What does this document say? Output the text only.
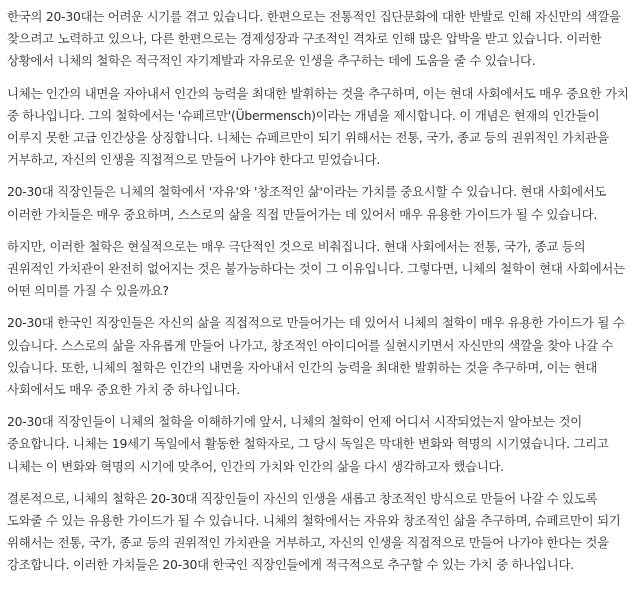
한국의 20-30대는 어려운 시기를 겪고 있습니다. 한편으로는 전통적인 집단문화에 대한 반발로 인해 자신만의 색깔을 찾으려고 노력하고 있으나, 다른 한편으로는 경제성장과 구조적인 격차로 인해 많은 압박을 받고 있습니다. 이러한 상황에서 니체의 철학은 적극적인 자기계발과 자유로운 인생을 추구하는 데에 도움을 줄 수 있습니다.

니체는 인간의 내면을 자아내서 인간의 능력을 최대한 발휘하는 것을 추구하며, 이는 현대 사회에서도 매우 중요한 가치 중 하나입니다. 그의 철학에서는 '슈페르만'(Übermensch)이라는 개념을 제시합니다. 이 개념은 현재의 인간들이 이루지 못한 고급 인간상을 상징합니다. 니체는 슈페르만이 되기 위해서는 전통, 국가, 종교 등의 권위적인 가치관을 거부하고, 자신의 인생을 직접적으로 만들어 나가야 한다고 믿었습니다.

20-30대 직장인들은 니체의 철학에서 '자유'와 '창조적인 삶'이라는 가치를 중요시할 수 있습니다. 현대 사회에서도 이러한 가치들은 매우 중요하며, 스스로의 삶을 직접 만들어가는 데 있어서 매우 유용한 가이드가 될 수 있습니다.

하지만, 이러한 철학은 현실적으로는 매우 극단적인 것으로 비춰집니다. 현대 사회에서는 전통, 국가, 종교 등의 권위적인 가치관이 완전히 없어지는 것은 불가능하다는 것이 그 이유입니다. 그렇다면, 니체의 철학이 현대 사회에서는 어떤 의미를 가질 수 있을까요?

20-30대 한국인 직장인들은 자신의 삶을 직접적으로 만들어가는 데 있어서 니체의 철학이 매우 유용한 가이드가 될 수 있습니다. 스스로의 삶을 자유롭게 만들어 나가고, 창조적인 아이디어를 실현시키면서 자신만의 색깔을 찾아 나갈 수 있습니다. 또한, 니체의 철학은 인간의 내면을 자아내서 인간의 능력을 최대한 발휘하는 것을 추구하며, 이는 현대 사회에서도 매우 중요한 가치 중 하나입니다.

20-30대 직장인들이 니체의 철학을 이해하기에 앞서, 니체의 철학이 언제 어디서 시작되었는지 알아보는 것이 중요합니다. 니체는 19세기 독일에서 활동한 철학자로, 그 당시 독일은 막대한 변화와 혁명의 시기였습니다. 그리고 니체는 이 변화와 혁명의 시기에 맞추어, 인간의 가치와 인간의 삶을 다시 생각하고자 했습니다.

결론적으로, 니체의 철학은 20-30대 직장인들이 자신의 인생을 새롭고 창조적인 방식으로 만들어 나갈 수 있도록 도와줄 수 있는 유용한 가이드가 될 수 있습니다. 니체의 철학에서는 자유와 창조적인 삶을 추구하며, 슈페르만이 되기 위해서는 전통, 국가, 종교 등의 권위적인 가치관을 거부하고, 자신의 인생을 직접적으로 만들어 나가야 한다는 것을 강조합니다. 이러한 가치들은 20-30대 한국인 직장인들에게 적극적으로 추구할 수 있는 가치 중 하나입니다.
